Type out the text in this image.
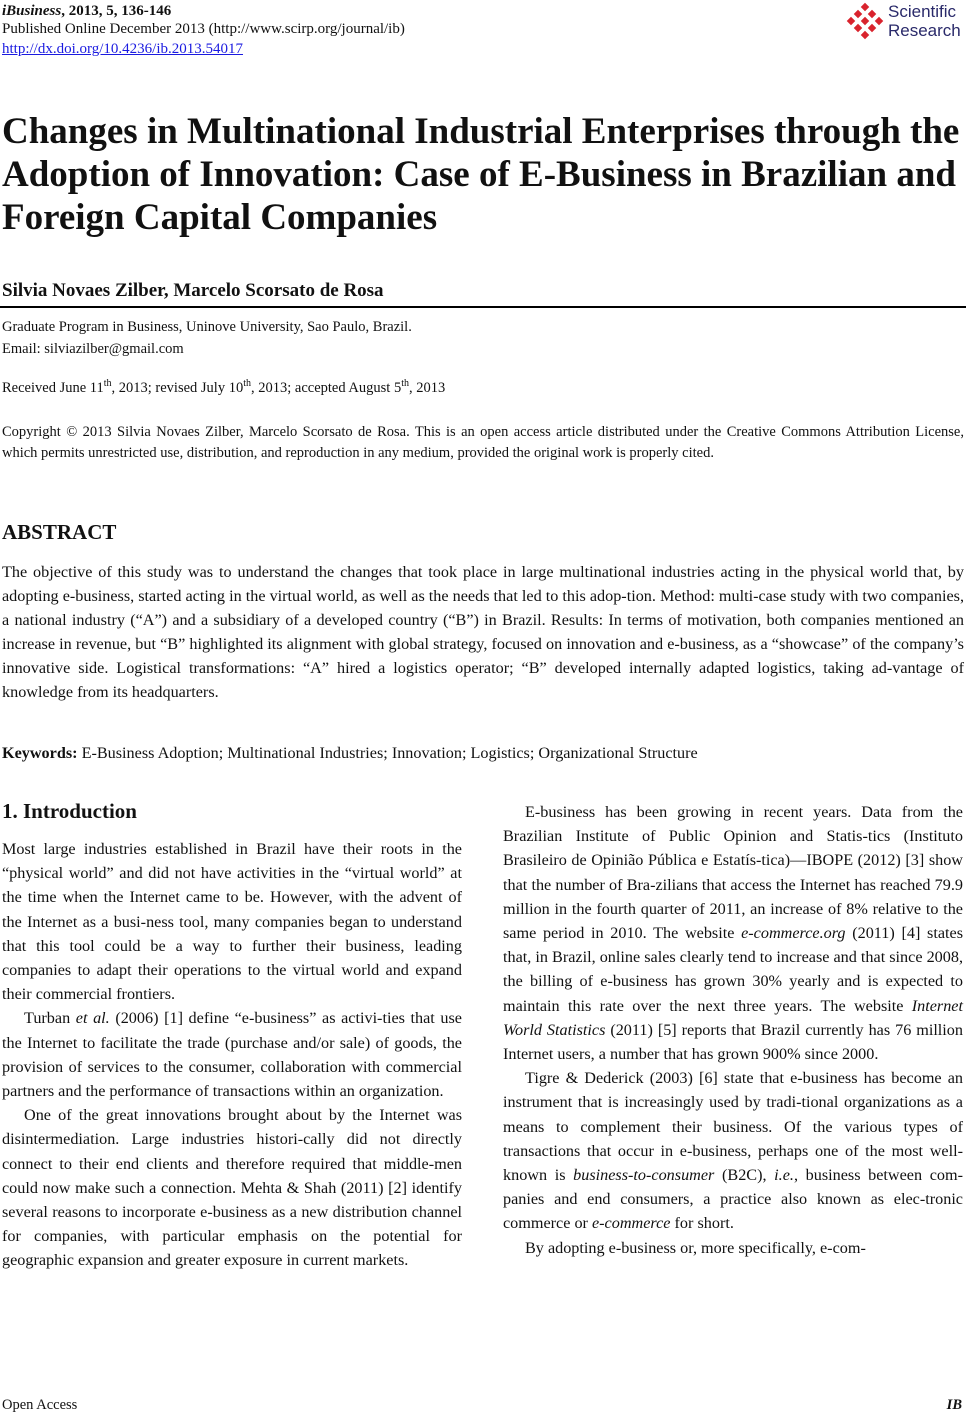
iBusiness, 2013, 5, 136-146
Published Online December 2013 (http://www.scirp.org/journal/ib)
http://dx.doi.org/10.4236/ib.2013.54017
Scientific
Research
Changes in Multinational Industrial Enterprises through the Adoption of Innovation: Case of E-Business in Brazilian and Foreign Capital Companies
Silvia Novaes Zilber, Marcelo Scorsato de Rosa
Graduate Program in Business, Uninove University, Sao Paulo, Brazil.
Email: silviazilber@gmail.com
Received June 11th, 2013; revised July 10th, 2013; accepted August 5th, 2013
Copyright © 2013 Silvia Novaes Zilber, Marcelo Scorsato de Rosa. This is an open access article distributed under the Creative Commons Attribution License, which permits unrestricted use, distribution, and reproduction in any medium, provided the original work is properly cited.
ABSTRACT

The objective of this study was to understand the changes that took place in large multinational industries acting in the physical world that, by adopting e-business, started acting in the virtual world, as well as the needs that led to this adop-tion. Method: multi-case study with two companies, a national industry (“A”) and a subsidiary of a developed country (“B”) in Brazil. Results: In terms of motivation, both companies mentioned an increase in revenue, but “B” highlighted its alignment with global strategy, focused on innovation and e-business, as a “showcase” of the company’s innovative side. Logistical transformations: “A” hired a logistics operator; “B” developed internally adapted logistics, taking ad-vantage of knowledge from its headquarters.

Keywords: E-Business Adoption; Multinational Industries; Innovation; Logistics; Organizational Structure
1. Introduction

Most large industries established in Brazil have their roots in the “physical world” and did not have activities in the “virtual world” at the time when the Internet came to be. However, with the advent of the Internet as a busi-ness tool, many companies began to understand that this tool could be a way to further their business, leading companies to adapt their operations to the virtual world and expand their commercial frontiers.

Turban et al. (2006) [1] define “e-business” as activi-ties that use the Internet to facilitate the trade (purchase and/or sale) of goods, the provision of services to the consumer, collaboration with commercial partners and the performance of transactions within an organization.

One of the great innovations brought about by the Internet was disintermediation. Large industries histori-cally did not directly connect to their end clients and therefore required that middle-men could now make such a connection. Mehta & Shah (2011) [2] identify several reasons to incorporate e-business as a new distribution channel for companies, with particular emphasis on the potential for geographic expansion and greater exposure in current markets.

E-business has been growing in recent years. Data from the Brazilian Institute of Public Opinion and Statis-tics (Instituto Brasileiro de Opinião Pública e Estatís-tica)—IBOPE (2012) [3] show that the number of Bra-zilians that access the Internet has reached 79.9 million in the fourth quarter of 2011, an increase of 8% relative to the same period in 2010. The website e-commerce.org (2011) [4] states that, in Brazil, online sales clearly tend to increase and that since 2008, the billing of e-business has grown 30% yearly and is expected to maintain this rate over the next three years. The website Internet World Statistics (2011) [5] reports that Brazil currently has 76 million Internet users, a number that has grown 900% since 2000.

Tigre & Dederick (2003) [6] state that e-business has become an instrument that is increasingly used by tradi-tional organizations as a means to complement their business. Of the various types of transactions that occur in e-business, perhaps one of the most well-known is business-to-consumer (B2C), i.e., business between com-panies and end consumers, a practice also known as elec-tronic commerce or e-commerce for short.

By adopting e-business or, more specifically, e-com-

Open Access	IB
